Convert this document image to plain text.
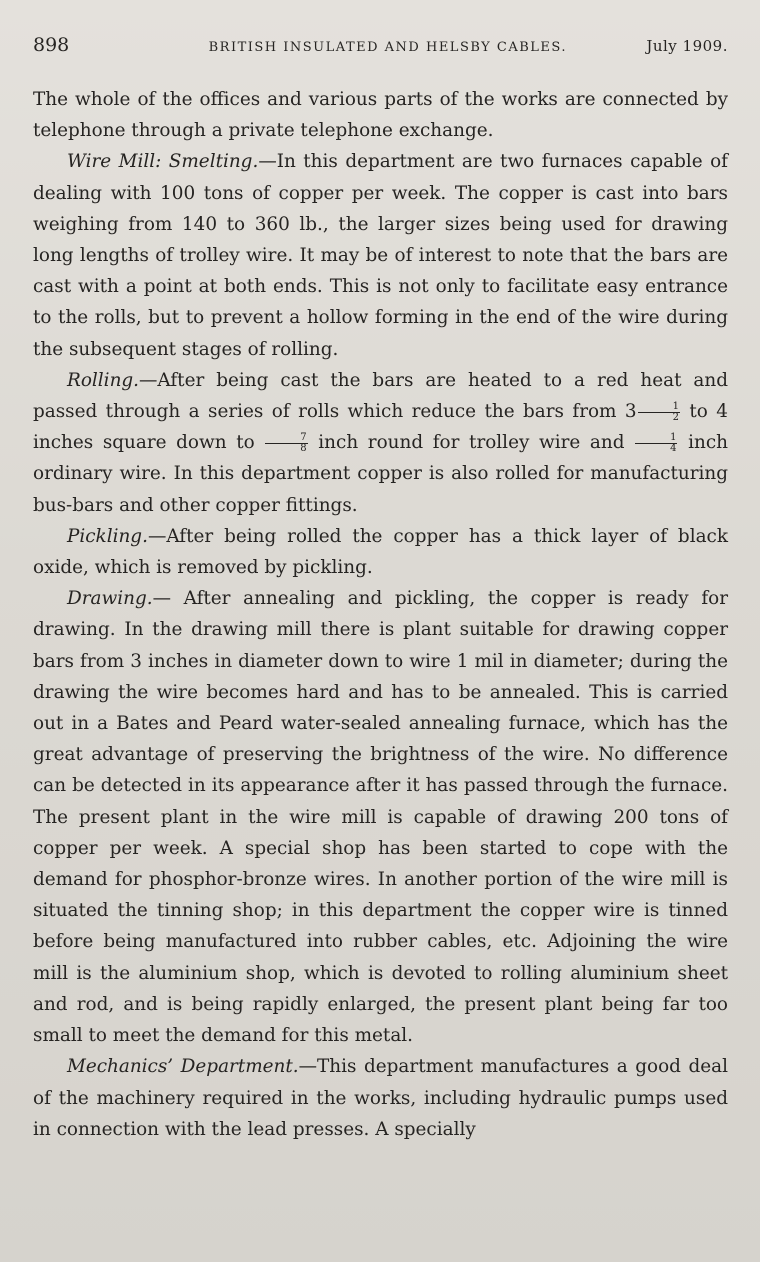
898	BRITISH INSULATED AND HELSBY CABLES.	July 1909.

The whole of the offices and various parts of the works are connected by telephone through a private telephone exchange.

Wire Mill: Smelting.—In this department are two furnaces capable of dealing with 100 tons of copper per week. The copper is cast into bars weighing from 140 to 360 lb., the larger sizes being used for drawing long lengths of trolley wire. It may be of interest to note that the bars are cast with a point at both ends. This is not only to facilitate easy entrance to the rolls, but to prevent a hollow forming in the end of the wire during the subsequent stages of rolling.

Rolling.—After being cast the bars are heated to a red heat and passed through a series of rolls which reduce the bars from $3 \frac{1}{2}$ to 4 inches square down to $\frac{7}{8}$ inch round for trolley wire and $\frac{1}{4}$ inch ordinary wire. In this department copper is also rolled for manufacturing bus-bars and other copper fittings.

Pickling.—After being rolled the copper has a thick layer of black oxide, which is removed by pickling.

Drawing.— After annealing and pickling, the copper is ready for drawing. In the drawing mill there is plant suitable for drawing copper bars from 3 inches in diameter down to wire 1 mil in diameter; during the drawing the wire becomes hard and has to be annealed. This is carried out in a Bates and Peard water-sealed annealing furnace, which has the great advantage of preserving the brightness of the wire. No difference can be detected in its appearance after it has passed through the furnace. The present plant in the wire mill is capable of drawing 200 tons of copper per week. A special shop has been started to cope with the demand for phosphor-bronze wires. In another portion of the wire mill is situated the tinning shop; in this department the copper wire is tinned before being manufactured into rubber cables, etc. Adjoining the wire mill is the aluminium shop, which is devoted to rolling aluminium sheet and rod, and is being rapidly enlarged, the present plant being far too small to meet the demand for this metal.

Mechanics’ Department.—This department manufactures a good deal of the machinery required in the works, including hydraulic pumps used in connection with the lead presses. A specially
